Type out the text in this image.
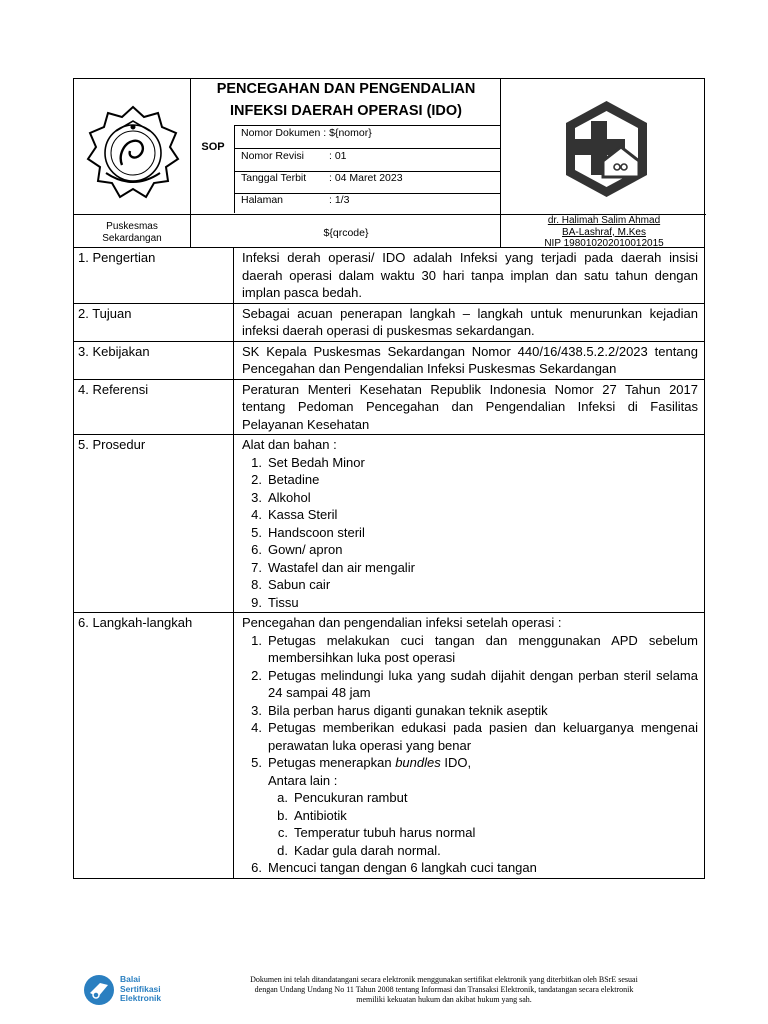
PENCEGAHAN DAN PENGENDALIAN
INFEKSI DAERAH OPERASI (IDO)
SOP
Nomor Dokumen : ${nomor}
Nomor Revisi : 01
Tanggal Terbit : 04 Maret 2023
Halaman	: 1/3
Puskesmas
Sekardangan	${qrcode}
dr. Halimah Salim Ahmad
BA-Lashraf, M.Kes
NIP 198010202010012015
1. Pengertian	Infeksi derah operasi/ IDO adalah Infeksi yang terjadi pada daerah insisi daerah operasi dalam waktu 30 hari tanpa implan dan satu tahun dengan implan pasca bedah.
2. Tujuan	Sebagai acuan penerapan langkah – langkah untuk menurunkan kejadian infeksi daerah operasi di puskesmas sekardangan.
3. Kebijakan	SK Kepala Puskesmas Sekardangan Nomor 440/16/438.5.2.2/2023 tentang Pencegahan dan Pengendalian Infeksi Puskesmas Sekardangan
4. Referensi	Peraturan Menteri Kesehatan Republik Indonesia Nomor 27 Tahun 2017 tentang Pedoman Pencegahan dan Pengendalian Infeksi di Fasilitas Pelayanan Kesehatan
5. Prosedur	Alat dan bahan :
1. Set Bedah Minor
2. Betadine
3. Alkohol
4. Kassa Steril
5. Handscoon steril
6. Gown/ apron
7. Wastafel dan air mengalir
8. Sabun cair
9. Tissu
6. Langkah-langkah	Pencegahan dan pengendalian infeksi setelah operasi :
1. Petugas melakukan cuci tangan dan menggunakan APD sebelum membersihkan luka post operasi
2. Petugas melindungi luka yang sudah dijahit dengan perban steril selama 24 sampai 48 jam
3. Bila perban harus diganti gunakan teknik aseptik
4. Petugas memberikan edukasi pada pasien dan keluarganya mengenai perawatan luka operasi yang benar
5. Petugas menerapkan bundles IDO,
Antara lain :
a. Pencukuran rambut
b. Antibiotik
c. Temperatur tubuh harus normal
d. Kadar gula darah normal.
6. Mencuci tangan dengan 6 langkah cuci tangan
Balai
Sertifikasi
Elektronik
Dokumen ini telah ditandatangani secara elektronik menggunakan sertifikat elektronik yang diterbitkan oleh BSrE sesuai
dengan Undang Undang No 11 Tahun 2008 tentang Informasi dan Transaksi Elektronik, tandatangan secara elektronik
memiliki kekuatan hukum dan akibat hukum yang sah.
